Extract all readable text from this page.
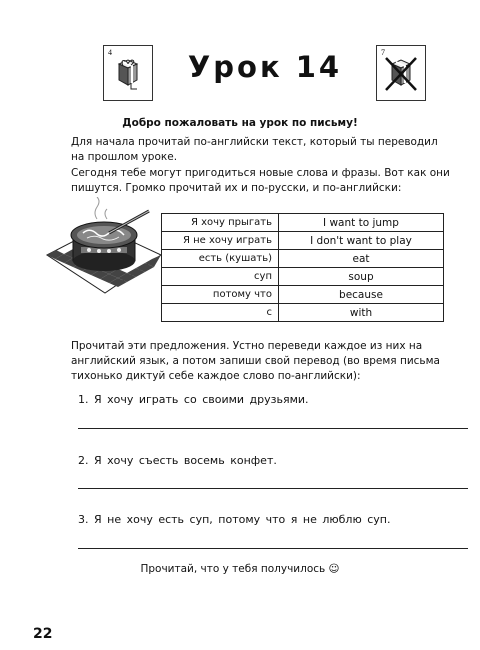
4	Урок 14	7
Добро пожаловать на урок по письму!
Для начала прочитай по-английски текст, который ты переводил на прошлом уроке.
Сегодня тебе могут пригодиться новые слова и фразы. Вот как они пишутся. Громко прочитай их и по-русски, и по-английски:
Я хочу прыгать	I want to jump
Я не хочу играть	I don't want to play
есть (кушать)	eat
суп	soup
потому что	because
с	with
Прочитай эти предложения. Устно переведи каждое из них на английский язык, а потом запиши свой перевод (во время письма тихонько диктуй себе каждое слово по-английски):
1. Я хочу играть со своими друзьями.
2. Я хочу съесть восемь конфет.
3. Я не хочу есть суп, потому что я не люблю суп.
Прочитай, что у тебя получилось ☺
22
